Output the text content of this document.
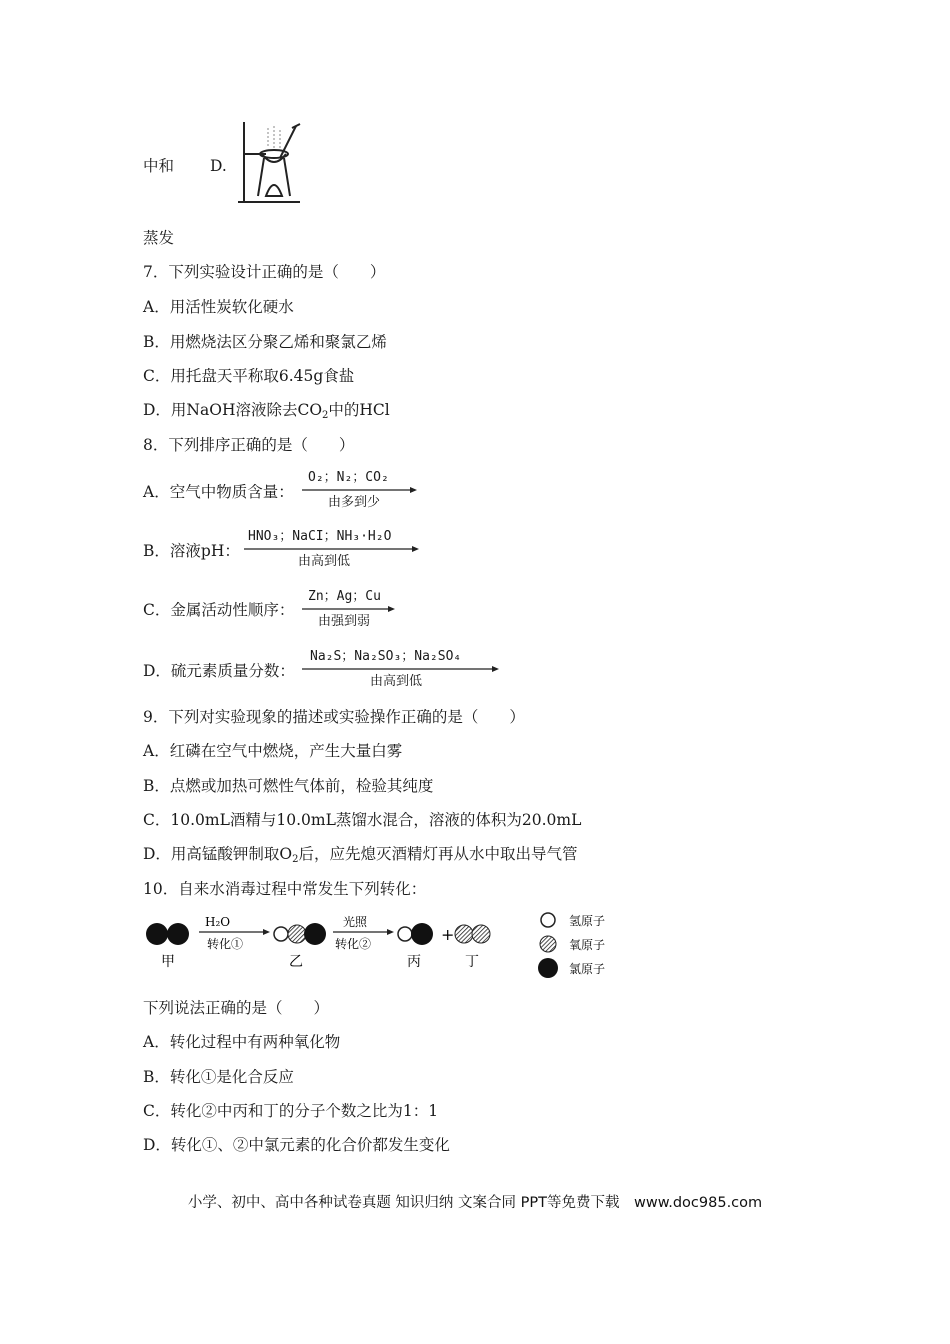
中和 D.
蒸发
7．下列实验设计正确的是（　　）
A．用活性炭软化硬水
B．用燃烧法区分聚乙烯和聚氯乙烯
C．用托盘天平称取6.45g食盐
D．用NaOH溶液除去$CO_2$中的HCl
8．下列排序正确的是（　　）
A．空气中物质含量：
O₂；N₂；CO₂
由多到少
B．溶液pH：
HNO₃；NaCI；NH₃·H₂O
由高到低
C．金属活动性顺序：
Zn；Ag；Cu
由强到弱
D．硫元素质量分数：
Na₂S；Na₂SO₃；Na₂SO₄
由高到低
9．下列对实验现象的描述或实验操作正确的是（　　）
A．红磷在空气中燃烧，产生大量白雾
B．点燃或加热可燃性气体前，检验其纯度
C．10.0mL酒精与10.0mL蒸馏水混合，溶液的体积为20.0mL
D．用高锰酸钾制取$O_2$后，应先熄灭酒精灯再从水中取出导气管
10．自来水消毒过程中常发生下列转化：
甲
H₂O
转化①
乙
光照
转化②
丙
+
丁
氢原子
氧原子
氯原子
下列说法正确的是（　　）
A．转化过程中有两种氧化物
B．转化①是化合反应
C．转化②中丙和丁的分子个数之比为1：1
D．转化①、②中氯元素的化合价都发生变化
小学、初中、高中各种试卷真题 知识归纳 文案合同 PPT等免费下载　www.doc985.com
